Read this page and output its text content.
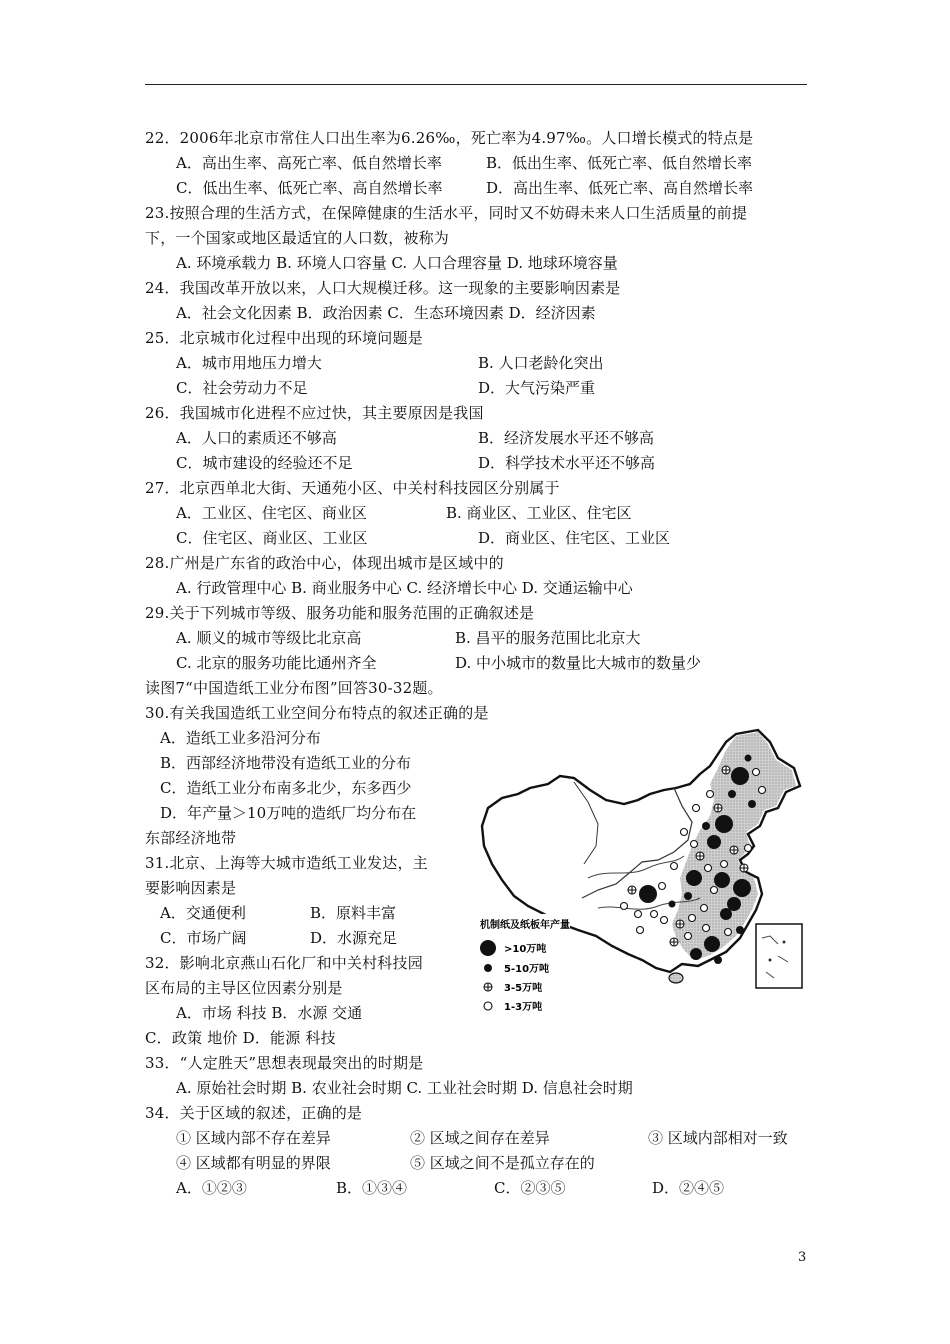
22．2006年北京市常住人口出生率为6.26‰，死亡率为4.97‰。人口增长模式的特点是
A．高出生率、高死亡率、低自然增长率	B．低出生率、低死亡率、低自然增长率
C．低出生率、低死亡率、高自然增长率	D．高出生率、低死亡率、高自然增长率
23.按照合理的生活方式，在保障健康的生活水平，同时又不妨碍未来人口生活质量的前提
下，一个国家或地区最适宜的人口数，被称为
A. 环境承载力 B. 环境人口容量 C. 人口合理容量 D. 地球环境容量
24．我国改革开放以来，人口大规模迁移。这一现象的主要影响因素是
A．社会文化因素 B．政治因素 C．生态环境因素 D．经济因素
25．北京城市化过程中出现的环境问题是
A．城市用地压力增大	B. 人口老龄化突出
C．社会劳动力不足	D．大气污染严重
26．我国城市化进程不应过快，其主要原因是我国
A．人口的素质还不够高	B．经济发展水平还不够高
C．城市建设的经验还不足	D．科学技术水平还不够高
27．北京西单北大街、天通苑小区、中关村科技园区分别属于
A．工业区、住宅区、商业区	B. 商业区、工业区、住宅区
C．住宅区、商业区、工业区	D．商业区、住宅区、工业区
28.广州是广东省的政治中心，体现出城市是区域中的
A. 行政管理中心 B. 商业服务中心 C. 经济增长中心 D. 交通运输中心
29.关于下列城市等级、服务功能和服务范围的正确叙述是
A. 顺义的城市等级比北京高	B. 昌平的服务范围比北京大
C. 北京的服务功能比通州齐全	D. 中小城市的数量比大城市的数量少
读图7“中国造纸工业分布图”回答30-32题。
30.有关我国造纸工业空间分布特点的叙述正确的是
A．造纸工业多沿河分布
B．西部经济地带没有造纸工业的分布
C．造纸工业分布南多北少，东多西少
D．年产量＞10万吨的造纸厂均分布在
东部经济地带
31.北京、上海等大城市造纸工业发达，主
要影响因素是
A．交通便利	B．原料丰富
C．市场广阔	D．水源充足
32．影响北京燕山石化厂和中关村科技园
区布局的主导区位因素分别是
A．市场 科技 B．水源 交通
C．政策 地价 D．能源 科技
33．“人定胜天”思想表现最突出的时期是
A. 原始社会时期 B. 农业社会时期 C. 工业社会时期 D. 信息社会时期
34．关于区域的叙述，正确的是
① 区域内部不存在差异	② 区域之间存在差异	③ 区域内部相对一致
④ 区域都有明显的界限	⑤ 区域之间不是孤立存在的
A．①②③	B．①③④	C．②③⑤	D．②④⑤
机制纸及纸板年产量
>10万吨
5-10万吨
3-5万吨
1-3万吨
3
